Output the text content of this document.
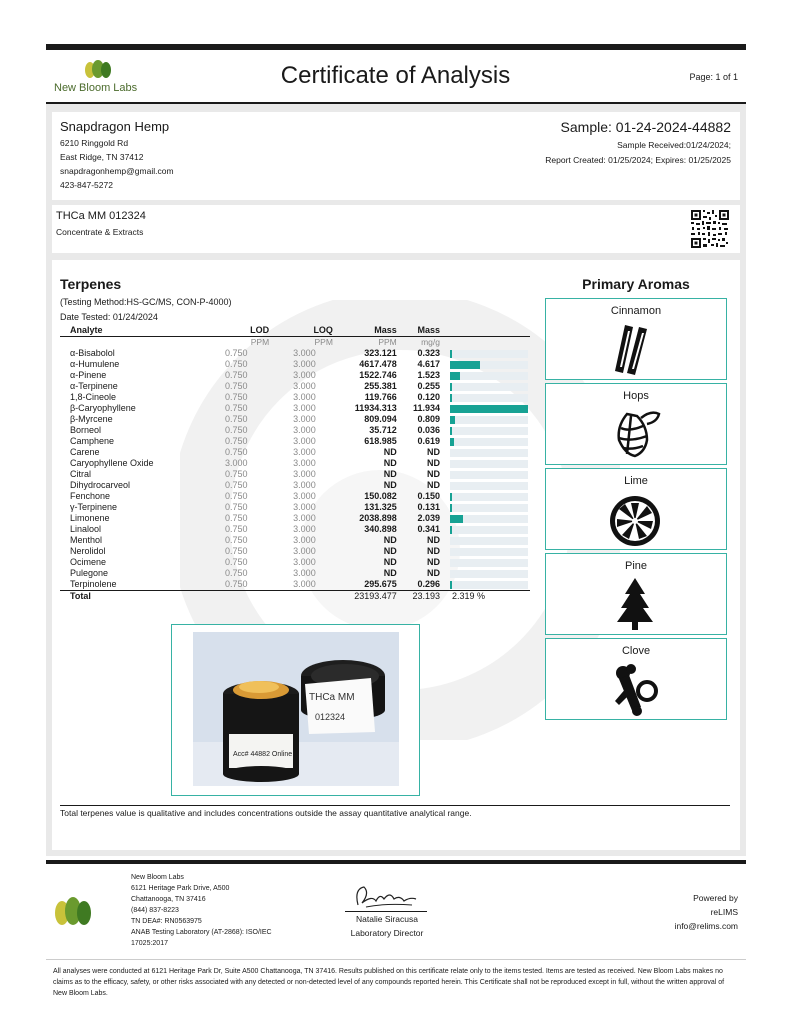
New Bloom Labs	Certificate of Analysis	Page: 1 of 1
Snapdragon Hemp
6210 Ringgold Rd
East Ridge, TN 37412
snapdragonhemp@gmail.com
423-847-5272
Sample: 01-24-2024-44882
Sample Received:01/24/2024;
Report Created: 01/25/2024; Expires: 01/25/2025
THCa MM 012324
Concentrate & Extracts
Terpenes
(Testing Method:HS-GC/MS, CON-P-4000)
Date Tested: 01/24/2024
Analyte	LOD	LOQ	Mass	Mass	
	PPM	PPM	PPM	mg/g	
α-Bisabolol	0.750	3.000	323.121	0.323	

α-Humulene	0.750	3.000	4617.478	4.617	

α-Pinene	0.750	3.000	1522.746	1.523	

α-Terpinene	0.750	3.000	255.381	0.255	

1,8-Cineole	0.750	3.000	119.766	0.120	

β-Caryophyllene	0.750	3.000	11934.313	11.934	

β-Myrcene	0.750	3.000	809.094	0.809	

Borneol	0.750	3.000	35.712	0.036	

Camphene	0.750	3.000	618.985	0.619	

Carene	0.750	3.000	ND	ND	

Caryophyllene Oxide	3.000	3.000	ND	ND	

Citral	0.750	3.000	ND	ND	

Dihydrocarveol	0.750	3.000	ND	ND	

Fenchone	0.750	3.000	150.082	0.150	

γ-Terpinene	0.750	3.000	131.325	0.131	

Limonene	0.750	3.000	2038.898	2.039	

Linalool	0.750	3.000	340.898	0.341	

Menthol	0.750	3.000	ND	ND	

Nerolidol	0.750	3.000	ND	ND	

Ocimene	0.750	3.000	ND	ND	

Pulegone	0.750	3.000	ND	ND	

Terpinolene	0.750	3.000	295.675	0.296	

Total			23193.477	23.193	2.319 %
Primary Aromas
Cinnamon
Hops
Lime
Pine
Clove
Acc# 44882 Online
THCa MM
012324
Total terpenes value is qualitative and includes concentrations outside the assay quantitative analytical range.
New Bloom Labs
6121 Heritage Park Drive, A500
Chattanooga, TN 37416
(844) 837-8223
TN DEA#: RN0563975
ANAB Testing Laboratory (AT-2868): ISO/IEC
17025:2017
Natalie Siracusa
Laboratory Director
Powered by
reLIMS
info@relims.com
All analyses were conducted at 6121 Heritage Park Dr, Suite A500 Chattanooga, TN 37416. Results published on this certificate relate only to the items tested. Items are tested as received. New Bloom Labs makes no claims as to the efficacy, safety, or other risks associated with any detected or non-detected level of any compounds reported herein. This Certificate shall not be reproduced except in full, without the written approval of New Bloom Labs.
